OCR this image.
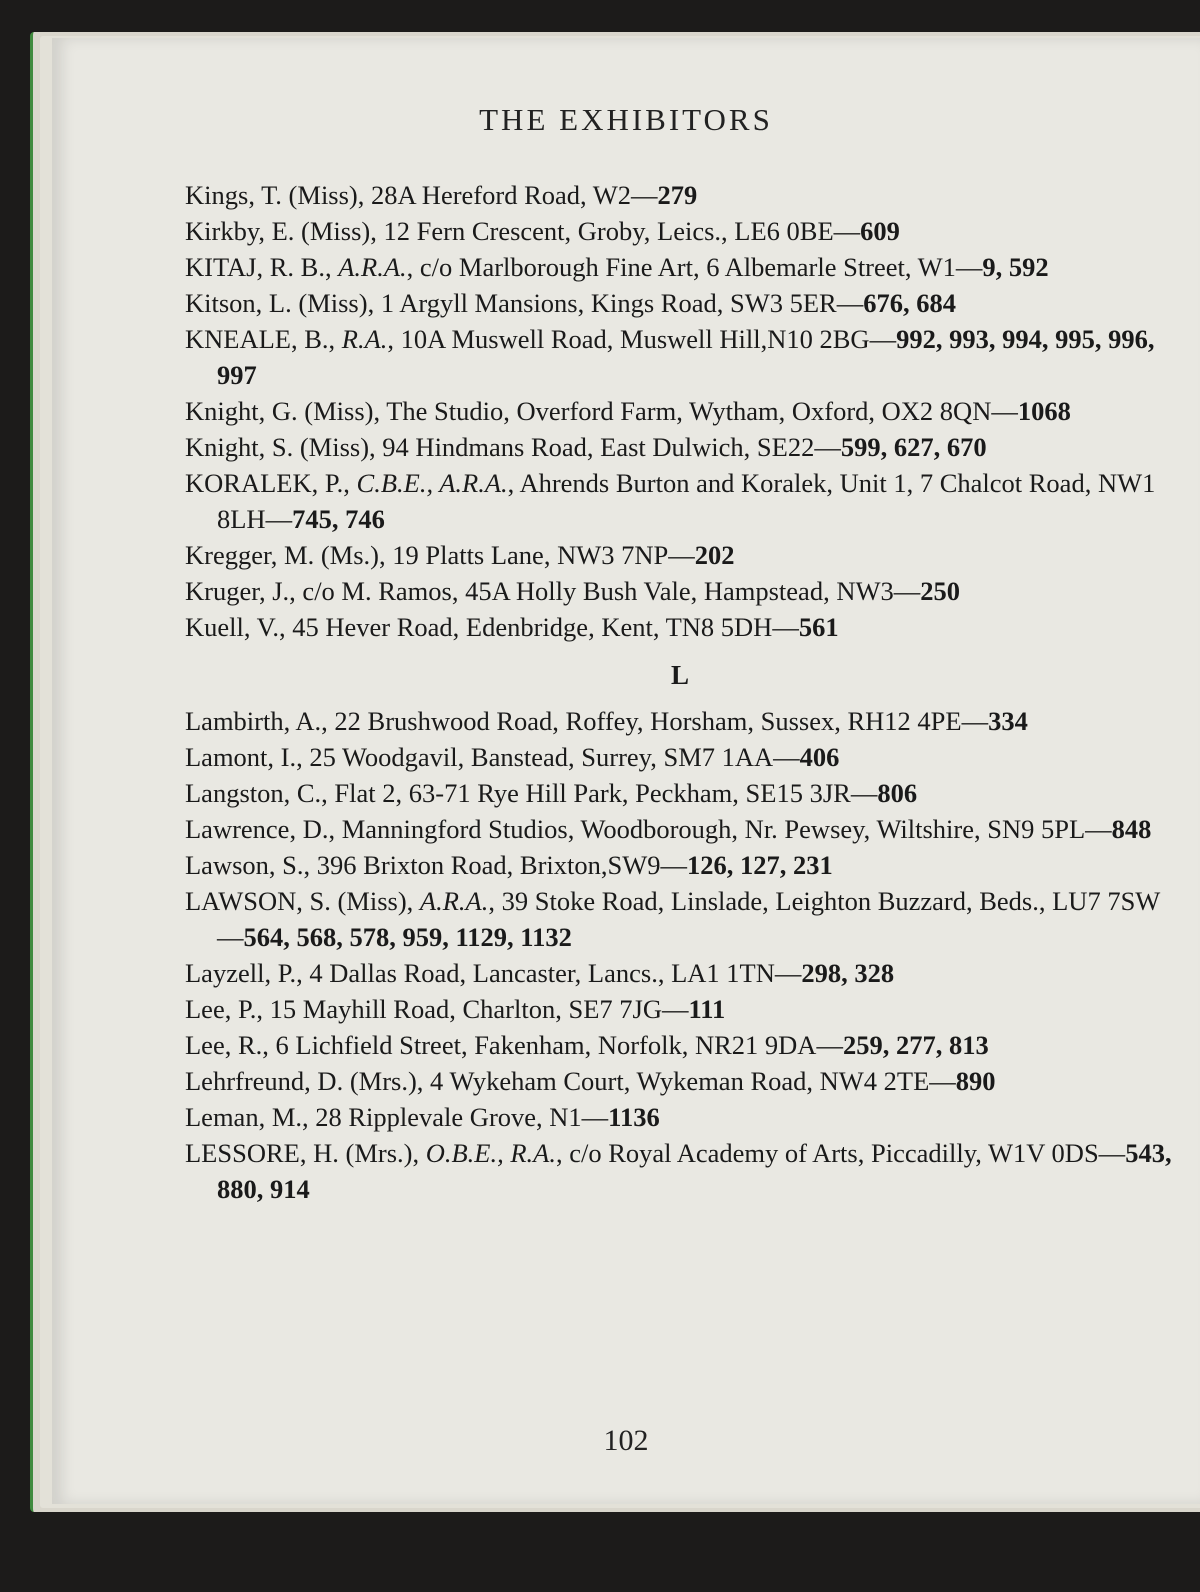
THE EXHIBITORS
Kings, T. (Miss), 28A Hereford Road, W2—279
Kirkby, E. (Miss), 12 Fern Crescent, Groby, Leics., LE6 0BE—609
KITAJ, R. B., A.R.A., c/o Marlborough Fine Art, 6 Albemarle Street, W1—9, 592
Kitson, L. (Miss), 1 Argyll Mansions, Kings Road, SW3 5ER—676, 684
KNEALE, B., R.A., 10A Muswell Road, Muswell Hill,N10 2BG—992, 993, 994, 995, 996, 997
Knight, G. (Miss), The Studio, Overford Farm, Wytham, Oxford, OX2 8QN—1068
Knight, S. (Miss), 94 Hindmans Road, East Dulwich, SE22—599, 627, 670
KORALEK, P., C.B.E., A.R.A., Ahrends Burton and Koralek, Unit 1, 7 Chalcot Road, NW1 8LH—745, 746
Kregger, M. (Ms.), 19 Platts Lane, NW3 7NP—202
Kruger, J., c/o M. Ramos, 45A Holly Bush Vale, Hampstead, NW3—250
Kuell, V., 45 Hever Road, Edenbridge, Kent, TN8 5DH—561
L
Lambirth, A., 22 Brushwood Road, Roffey, Horsham, Sussex, RH12 4PE—334
Lamont, I., 25 Woodgavil, Banstead, Surrey, SM7 1AA—406
Langston, C., Flat 2, 63-71 Rye Hill Park, Peckham, SE15 3JR—806
Lawrence, D., Manningford Studios, Woodborough, Nr. Pewsey, Wiltshire, SN9 5PL—848
Lawson, S., 396 Brixton Road, Brixton,SW9—126, 127, 231
LAWSON, S. (Miss), A.R.A., 39 Stoke Road, Linslade, Leighton Buzzard, Beds., LU7 7SW—564, 568, 578, 959, 1129, 1132
Layzell, P., 4 Dallas Road, Lancaster, Lancs., LA1 1TN—298, 328
Lee, P., 15 Mayhill Road, Charlton, SE7 7JG—111
Lee, R., 6 Lichfield Street, Fakenham, Norfolk, NR21 9DA—259, 277, 813
Lehrfreund, D. (Mrs.), 4 Wykeham Court, Wykeman Road, NW4 2TE—890
Leman, M., 28 Ripplevale Grove, N1—1136
LESSORE, H. (Mrs.), O.B.E., R.A., c/o Royal Academy of Arts, Piccadilly, W1V 0DS—543, 880, 914
102
